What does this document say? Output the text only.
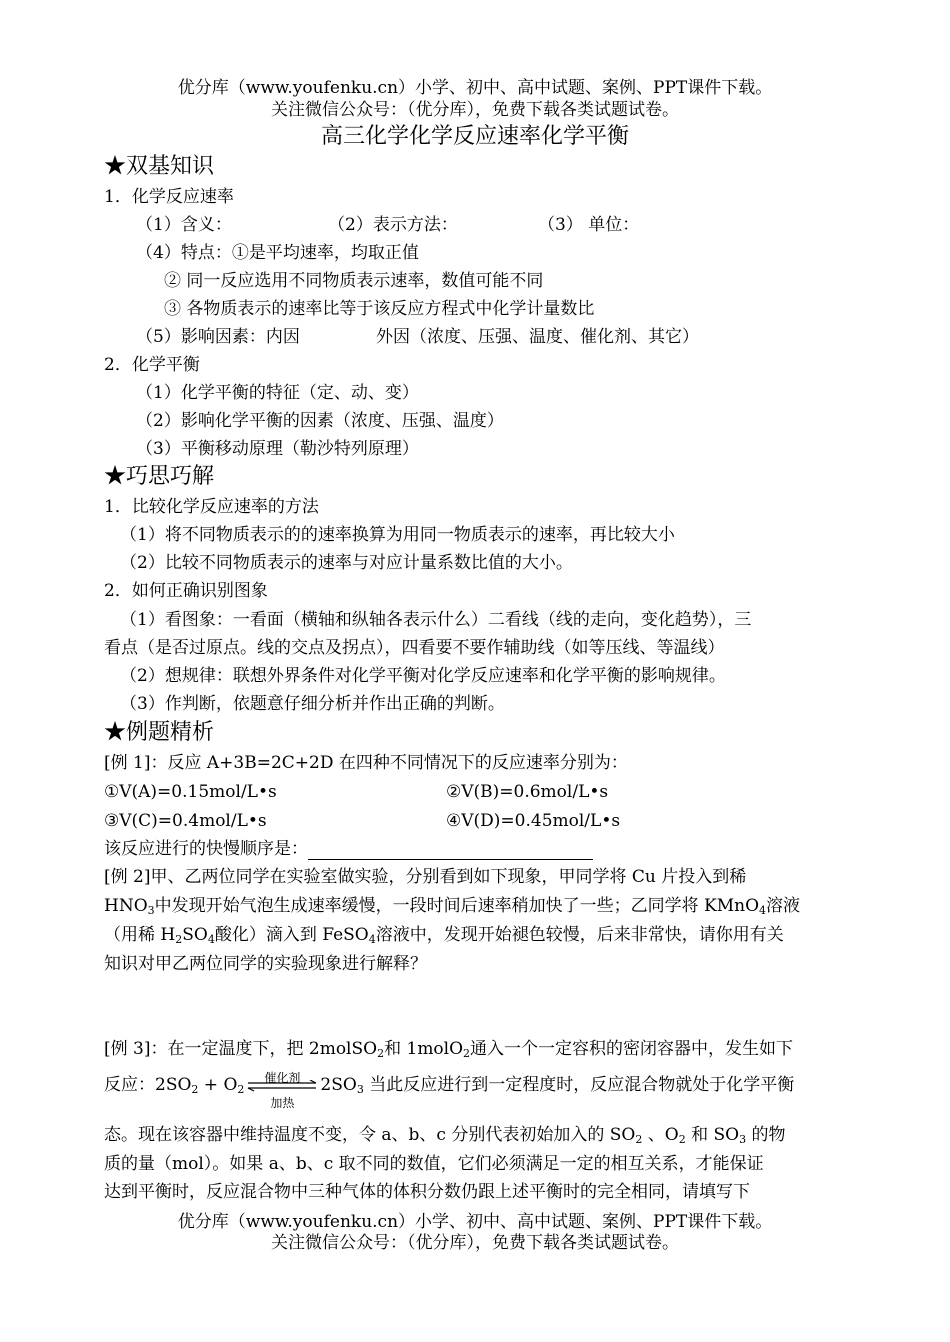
优分库（www.youfenku.cn）小学、初中、高中试题、案例、PPT课件下载。
关注微信公众号：（优分库），免费下载各类试题试卷。
高三化学化学反应速率化学平衡
★双基知识
1．化学反应速率
（1）含义：	（2）表示方法：	（3） 单位：
（4）特点：①是平均速率，均取正值
② 同一反应选用不同物质表示速率，数值可能不同
③ 各物质表示的速率比等于该反应方程式中化学计量数比
（5）影响因素：内因	外因（浓度、压强、温度、催化剂、其它）
2．化学平衡
（1）化学平衡的特征（定、动、变）
（2）影响化学平衡的因素（浓度、压强、温度）
（3）平衡移动原理（勒沙特列原理）
★巧思巧解
1．比较化学反应速率的方法
（1）将不同物质表示的的速率换算为用同一物质表示的速率，再比较大小
（2）比较不同物质表示的速率与对应计量系数比值的大小。
2．如何正确识别图象
（1）看图象：一看面（横轴和纵轴各表示什么）二看线（线的走向，变化趋势），三
看点（是否过原点。线的交点及拐点），四看要不要作辅助线（如等压线、等温线）
（2）想规律：联想外界条件对化学平衡对化学反应速率和化学平衡的影响规律。
（3）作判断，依题意仔细分析并作出正确的判断。
★例题精析
[例 1]：反应 A+3B=2C+2D 在四种不同情况下的反应速率分别为：
①V(A)=0.15mol/L•s	②V(B)=0.6mol/L•s
③V(C)=0.4mol/L•s	④V(D)=0.45mol/L•s
该反应进行的快慢顺序是：
[例 2]甲、乙两位同学在实验室做实验，分别看到如下现象，甲同学将 Cu 片投入到稀
$HNO_3$中发现开始气泡生成速率缓慢，一段时间后速率稍加快了一些；乙同学将 KMnO$_4$溶液
（用稀 $H_2SO_4$酸化）滴入到 FeSO$_4$溶液中，发现开始褪色较慢，后来非常快，请你用有关
知识对甲乙两位同学的实验现象进行解释？
[例 3]：在一定温度下，把 2molSO$_2$和 1molO$_2$通入一个一定容积的密闭容器中，发生如下
反应：$2SO_2 + O_2$
催化剂
加热
$2SO_3$ 当此反应进行到一定程度时，反应混合物就处于化学平衡
态。现在该容器中维持温度不变，令 a、b、c 分别代表初始加入的 $SO_2$ 、$O_2$ 和 $SO_3$ 的物
质的量（mol）。如果 a、b、c 取不同的数值，它们必须满足一定的相互关系，才能保证
达到平衡时，反应混合物中三种气体的体积分数仍跟上述平衡时的完全相同，请填写下
优分库（www.youfenku.cn）小学、初中、高中试题、案例、PPT课件下载。
关注微信公众号：（优分库），免费下载各类试题试卷。
